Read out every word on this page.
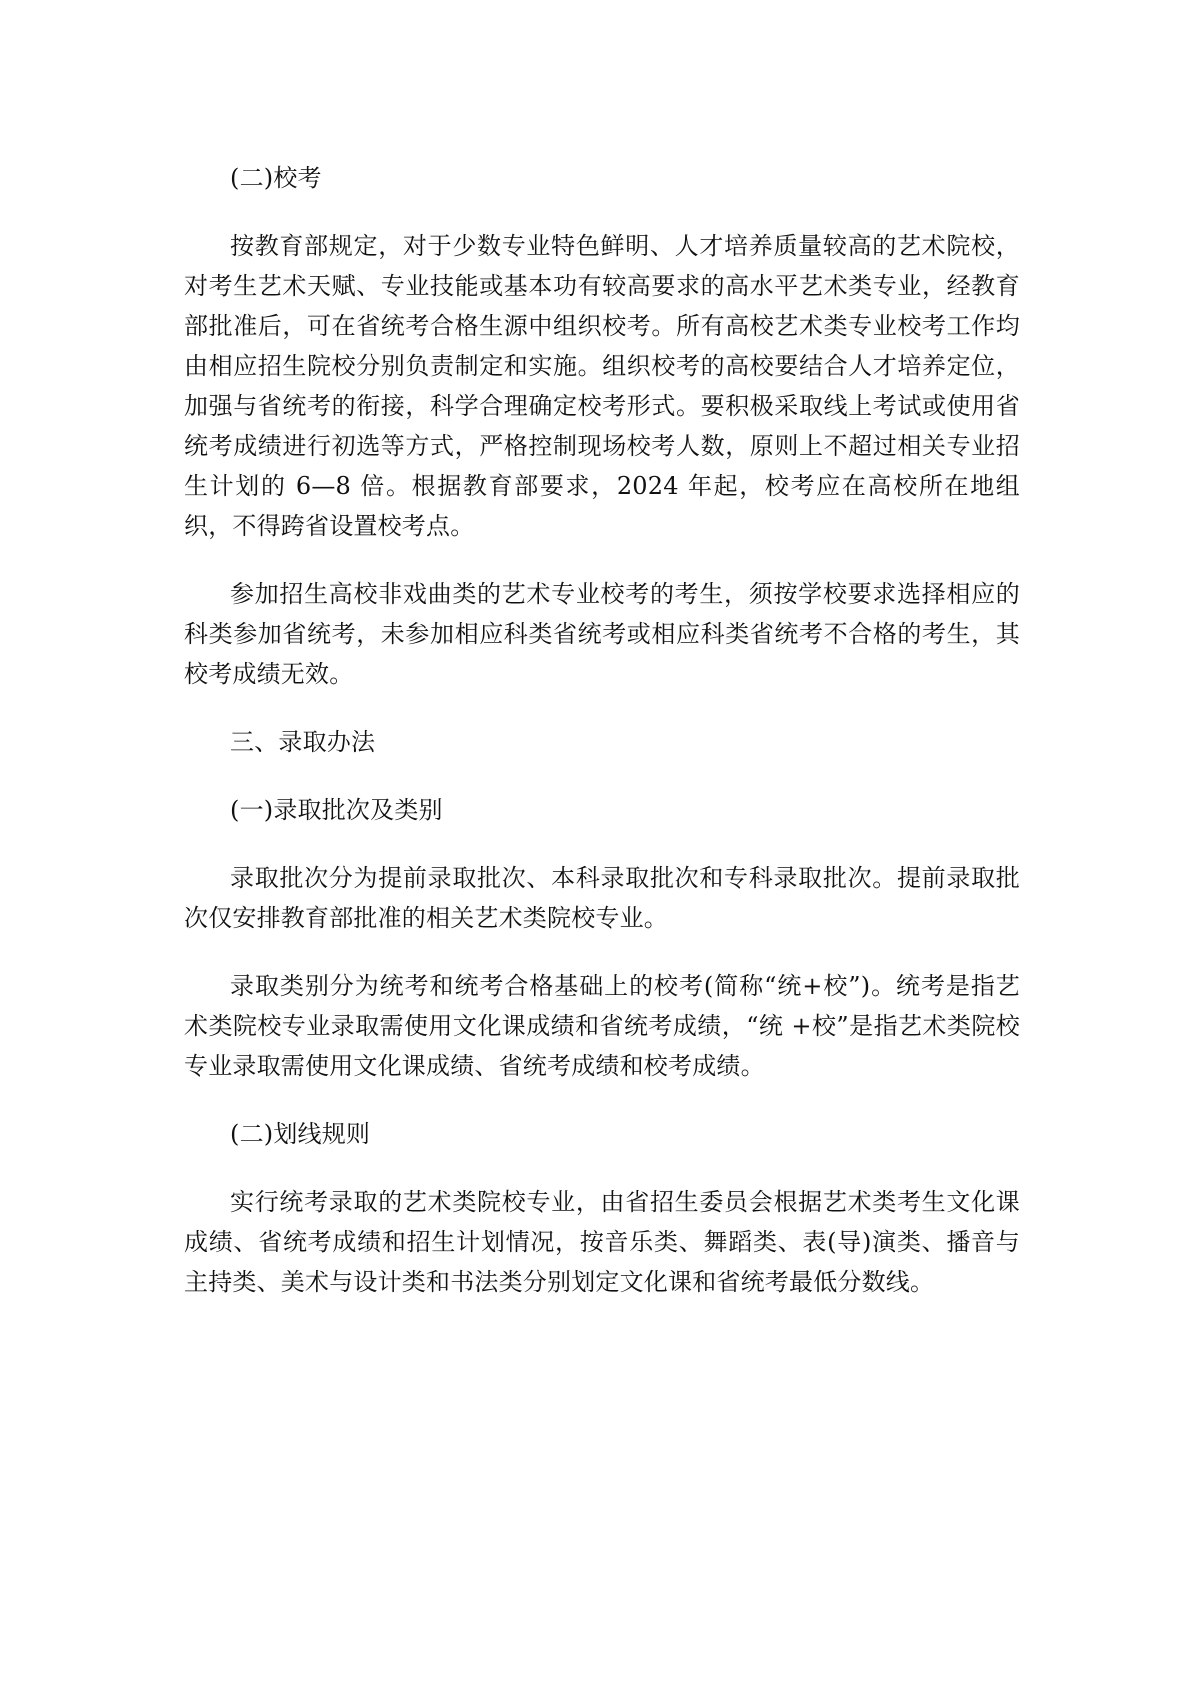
(二)校考

按教育部规定，对于少数专业特色鲜明、人才培养质量较高的艺术院校，对考生艺术天赋、专业技能或基本功有较高要求的高水平艺术类专业，经教育部批准后，可在省统考合格生源中组织校考。所有高校艺术类专业校考工作均由相应招生院校分别负责制定和实施。组织校考的高校要结合人才培养定位，加强与省统考的衔接，科学合理确定校考形式。要积极采取线上考试或使用省统考成绩进行初选等方式，严格控制现场校考人数，原则上不超过相关专业招生计划的 6—8 倍。根据教育部要求，2024 年起，校考应在高校所在地组织，不得跨省设置校考点。

参加招生高校非戏曲类的艺术专业校考的考生，须按学校要求选择相应的科类参加省统考，未参加相应科类省统考或相应科类省统考不合格的考生，其校考成绩无效。

三、录取办法

(一)录取批次及类别

录取批次分为提前录取批次、本科录取批次和专科录取批次。提前录取批次仅安排教育部批准的相关艺术类院校专业。

录取类别分为统考和统考合格基础上的校考(简称“统+校”)。统考是指艺术类院校专业录取需使用文化课成绩和省统考成绩，“统 +校”是指艺术类院校专业录取需使用文化课成绩、省统考成绩和校考成绩。

(二)划线规则

实行统考录取的艺术类院校专业，由省招生委员会根据艺术类考生文化课成绩、省统考成绩和招生计划情况，按音乐类、舞蹈类、表(导)演类、播音与主持类、美术与设计类和书法类分别划定文化课和省统考最低分数线。
